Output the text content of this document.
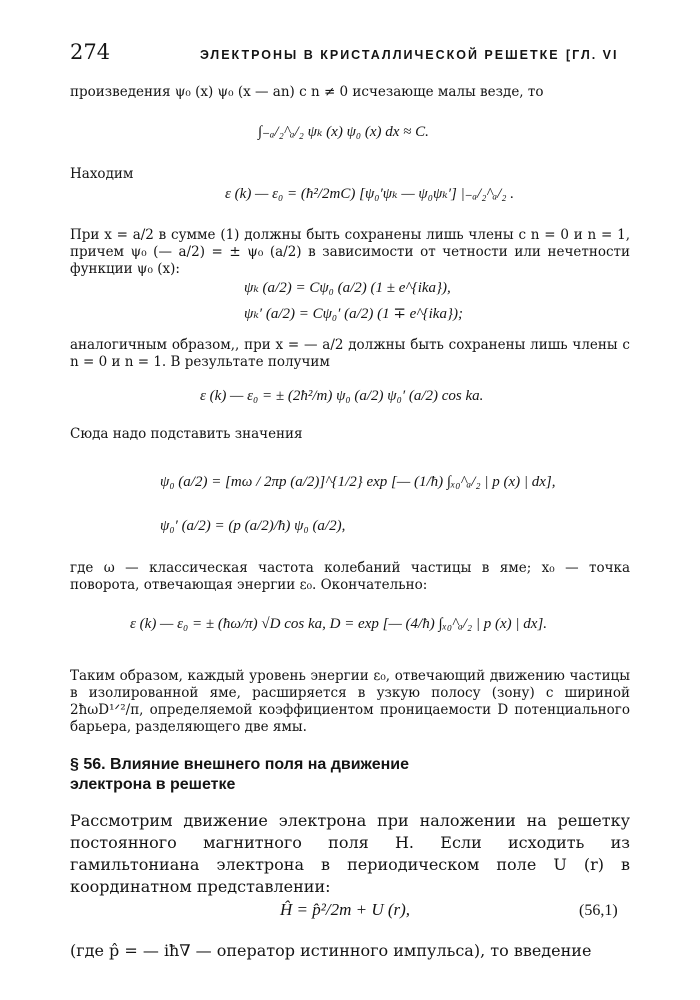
274	ЭЛЕКТРОНЫ В КРИСТАЛЛИЧЕСКОЙ РЕШЕТКЕ [ГЛ. VI

произведения ψ₀ (x) ψ₀ (x — an) с n ≠ 0 исчезающе малы везде, то

∫₋ₐ/₂^ₐ/₂ ψₖ (x) ψ₀ (x) dx ≈ C.

Находим

ε (k) — ε₀ = (ħ²/2mC) [ψ₀′ψₖ — ψ₀ψₖ′] |₋ₐ/₂^ₐ/₂ .

При x = a/2 в сумме (1) должны быть сохранены лишь члены с n = 0 и n = 1, причем ψ₀ (— a/2) = ± ψ₀ (a/2) в зависимости от четности или нечетности функции ψ₀ (x):

ψₖ (a/2) = Cψ₀ (a/2) (1 ± e^{ika}),
ψₖ′ (a/2) = Cψ₀′ (a/2) (1 ∓ e^{ika});

аналогичным образом,, при x = — a/2 должны быть сохранены лишь члены с n = 0 и n = 1. В результате получим

ε (k) — ε₀ = ± (2ħ²/m) ψ₀ (a/2) ψ₀′ (a/2) cos ka.

Сюда надо подставить значения

ψ₀ (a/2) = [mω / 2πp (a/2)]^{1/2} exp [— (1/ħ) ∫ₓ₀^ₐ/₂ | p (x) | dx],
ψ₀′ (a/2) = (p (a/2)/ħ) ψ₀ (a/2),

где ω — классическая частота колебаний частицы в яме; x₀ — точка поворота, отвечающая энергии ε₀. Окончательно:

ε (k) — ε₀ = ± (ħω/π) √D cos ka, D = exp [— (4/ħ) ∫ₓ₀^ₐ/₂ | p (x) | dx].

Таким образом, каждый уровень энергии ε₀, отвечающий движению частицы в изолированной яме, расширяется в узкую полосу (зону) с шириной 2ħωD¹ᐟ²/π, определяемой коэффициентом проницаемости D потенциального барьера, разделяющего две ямы.

§ 56. Влияние внешнего поля на движение
электрона в решетке

Рассмотрим движение электрона при наложении на решетку постоянного магнитного поля H. Если исходить из гамильтониана электрона в периодическом поле U (r) в координатном представлении:

Ĥ = p̂²/2m + U (r),	(56,1)

(где p̂ = — iħ∇ — оператор истинного импульса), то введение
